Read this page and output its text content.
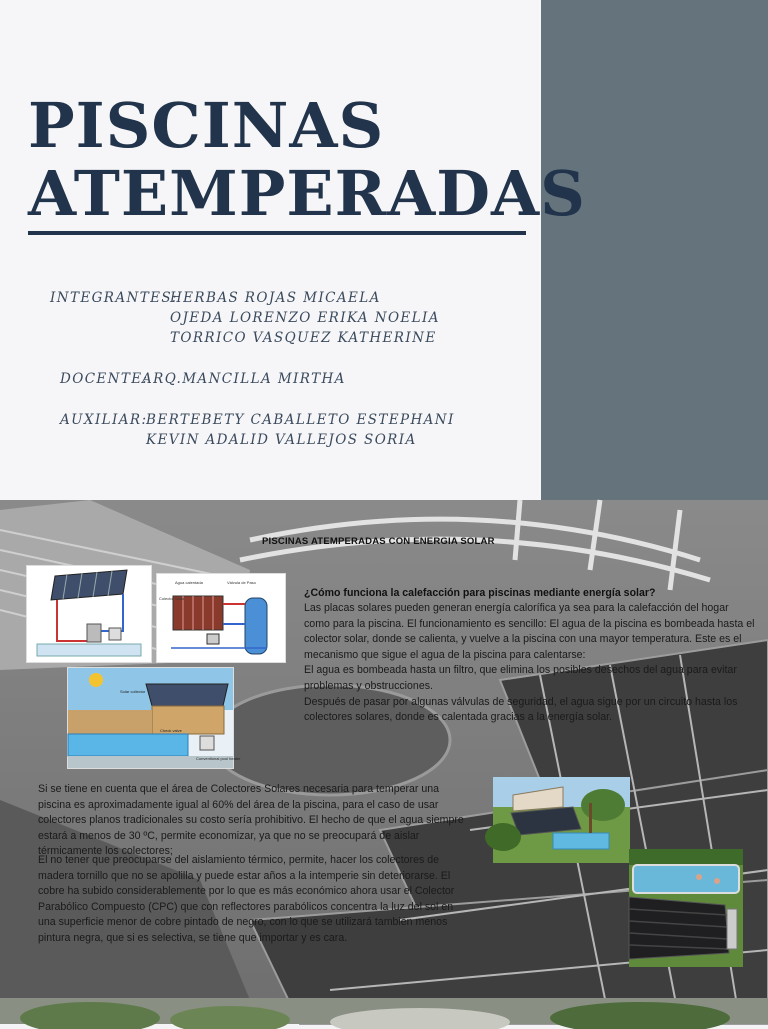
PISCINAS
ATEMPERADAS
INTEGRANTES:
HERBAS ROJAS MICAELA
OJEDA LORENZO ERIKA NOELIA
TORRICO VASQUEZ KATHERINE
DOCENTE:
ARQ.MANCILLA MIRTHA
AUXILIAR:
BERTEBETY CABALLETO ESTEPHANI
KEVIN ADALID VALLEJOS SORIA
PISCINAS ATEMPERADAS CON ENERGIA SOLAR
Agua calentada
Colector Solar
Válvula de Paso
Solar collector
Check valve
Conventional pool heater
¿Cómo funciona la calefacción para piscinas mediante energía solar?

Las placas solares pueden generan energía calorífica ya sea para la calefacción del hogar como para la piscina. El funcionamiento es sencillo: El agua de la piscina es bombeada hasta el colector solar, donde se calienta, y vuelve a la piscina con una mayor temperatura. Este es el mecanismo que sigue el agua de la piscina para calentarse:

El agua es bombeada hasta un filtro, que elimina los posibles desechos del agua para evitar problemas y obstrucciones.

Después de pasar por algunas válvulas de seguridad, el agua sigue por un circuito hasta los colectores solares, donde es calentada gracias a la energía solar.

Si se tiene en cuenta que el área de Colectores Solares necesaria para temperar una piscina es aproximadamente igual al 60% del área de la piscina, para el caso de usar colectores planos tradicionales su costo sería prohibitivo. El hecho de que el agua siempre estará a menos de 30 ºC, permite economizar, ya que no se preocupará de aislar térmicamente los colectores;

El no tener que preocuparse del aislamiento térmico, permite, hacer los colectores de madera tornillo que no se apolilla y puede estar años a la intemperie sin deteriorarse. El cobre ha subido considerablemente por lo que es más económico ahora usar el Colector Parabólico Compuesto (CPC) que con reflectores parabólicos concentra la luz del sol en una superficie menor de cobre pintado de negro, con lo que se utilizará también menos pintura negra, que si es selectiva, se tiene que importar y es cara.
